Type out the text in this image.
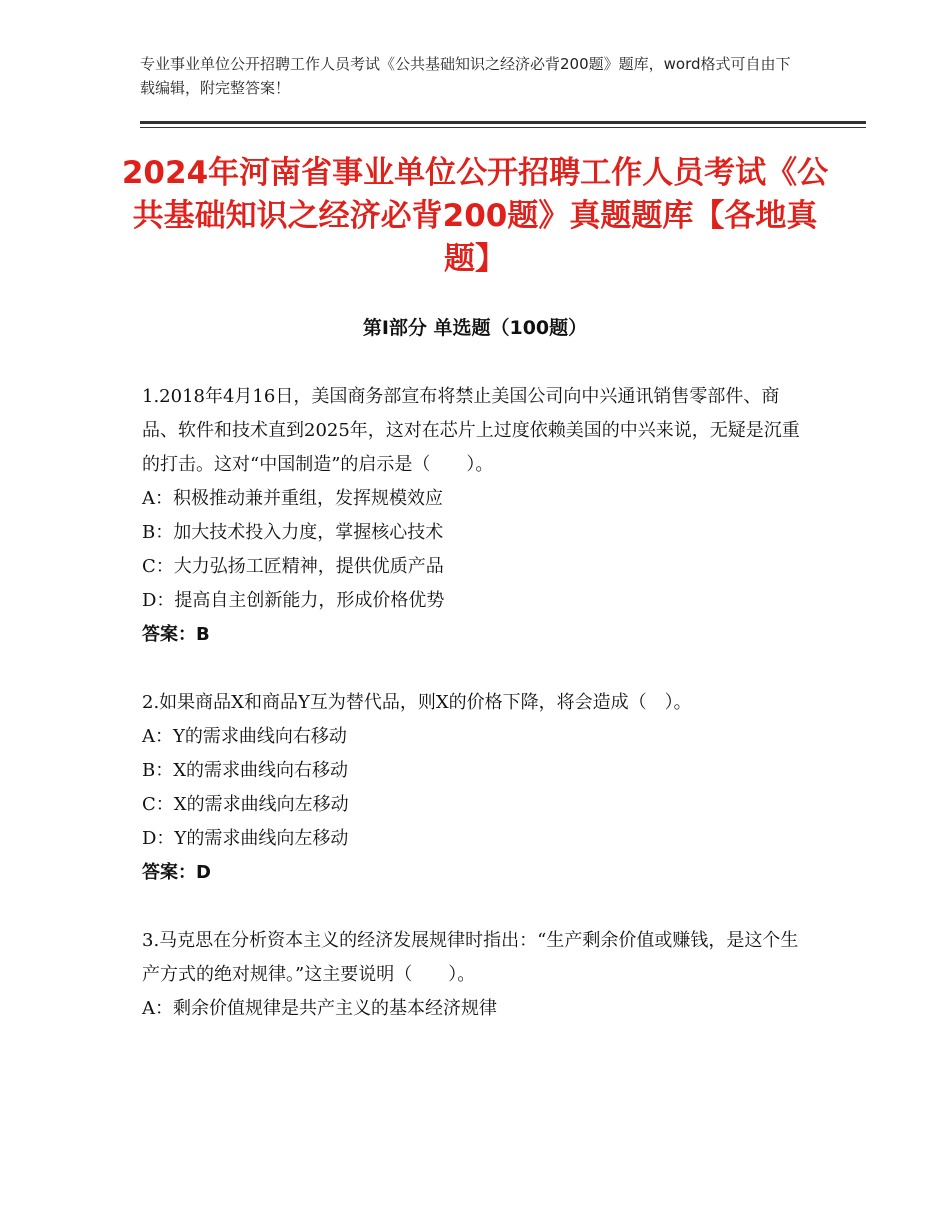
专业事业单位公开招聘工作人员考试《公共基础知识之经济必背200题》题库，word格式可自由下载编辑，附完整答案！
2024年河南省事业单位公开招聘工作人员考试《公共基础知识之经济必背200题》真题题库【各地真题】
第Ⅰ部分 单选题（100题）
1.2018年4月16日，美国商务部宣布将禁止美国公司向中兴通讯销售零部件、商品、软件和技术直到2025年，这对在芯片上过度依赖美国的中兴来说，无疑是沉重的打击。这对“中国制造”的启示是（　　）。
A：积极推动兼并重组，发挥规模效应
B：加大技术投入力度，掌握核心技术
C：大力弘扬工匠精神，提供优质产品
D：提高自主创新能力，形成价格优势
答案：B
2.如果商品X和商品Y互为替代品，则X的价格下降，将会造成（　）。
A：Y的需求曲线向右移动
B：X的需求曲线向右移动
C：X的需求曲线向左移动
D：Y的需求曲线向左移动
答案：D
3.马克思在分析资本主义的经济发展规律时指出：“生产剩余价值或赚钱，是这个生产方式的绝对规律。”这主要说明（　　）。
A：剩余价值规律是共产主义的基本经济规律
